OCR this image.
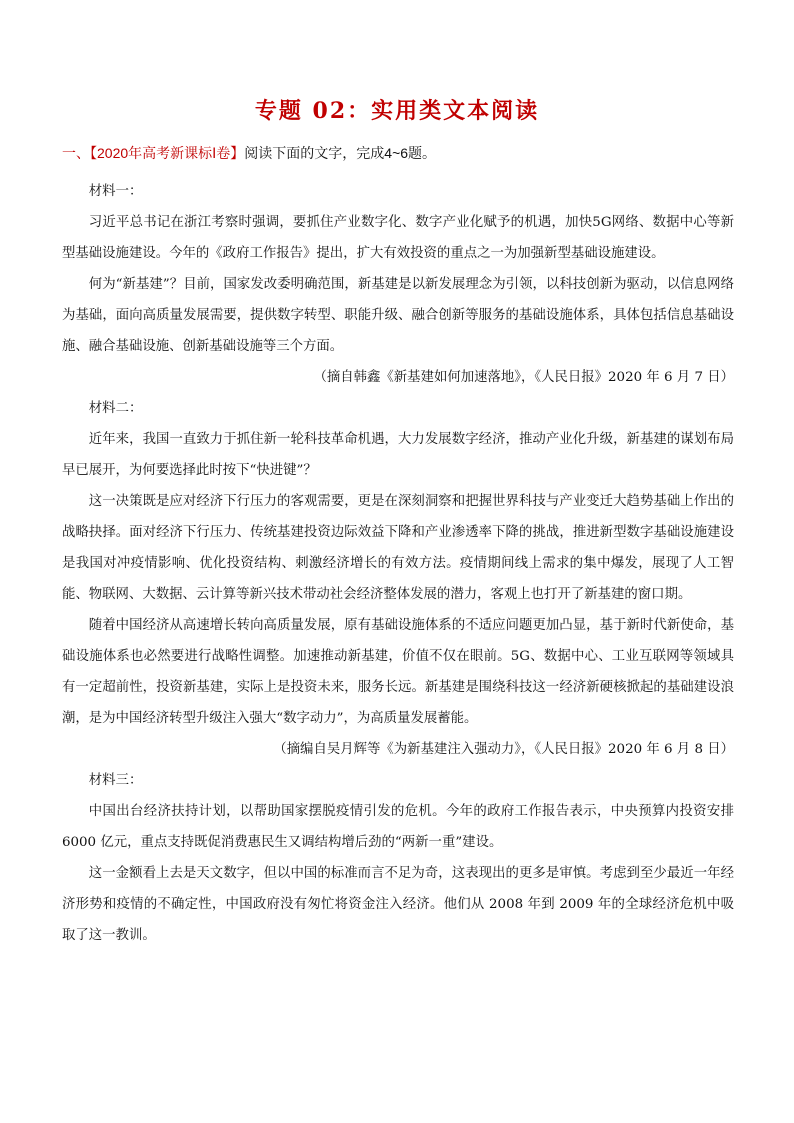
专题 02：实用类文本阅读
一、【2020年高考新课标Ⅰ卷】阅读下面的文字，完成4~6题。

材料一：

习近平总书记在浙江考察时强调，要抓住产业数字化、数字产业化赋予的机遇，加快5G网络、数据中心等新型基础设施建设。今年的《政府工作报告》提出，扩大有效投资的重点之一为加强新型基础设施建设。

何为“新基建”？目前，国家发改委明确范围，新基建是以新发展理念为引领，以科技创新为驱动，以信息网络为基础，面向高质量发展需要，提供数字转型、职能升级、融合创新等服务的基础设施体系，具体包括信息基础设施、融合基础设施、创新基础设施等三个方面。

（摘自韩鑫《新基建如何加速落地》，《人民日报》2020 年 6 月 7 日）

材料二：

近年来，我国一直致力于抓住新一轮科技革命机遇，大力发展数字经济，推动产业化升级，新基建的谋划布局早已展开，为何要选择此时按下“快进键”？

这一决策既是应对经济下行压力的客观需要，更是在深刻洞察和把握世界科技与产业变迁大趋势基础上作出的战略抉择。面对经济下行压力、传统基建投资边际效益下降和产业渗透率下降的挑战，推进新型数字基础设施建设是我国对冲疫情影响、优化投资结构、刺激经济增长的有效方法。疫情期间线上需求的集中爆发，展现了人工智能、物联网、大数据、云计算等新兴技术带动社会经济整体发展的潜力，客观上也打开了新基建的窗口期。

随着中国经济从高速增长转向高质量发展，原有基础设施体系的不适应问题更加凸显，基于新时代新使命，基础设施体系也必然要进行战略性调整。加速推动新基建，价值不仅在眼前。5G、数据中心、工业互联网等领域具有一定超前性，投资新基建，实际上是投资未来，服务长远。新基建是围绕科技这一经济新硬核掀起的基础建设浪潮，是为中国经济转型升级注入强大“数字动力”，为高质量发展蓄能。

（摘编自吴月辉等《为新基建注入强动力》，《人民日报》2020 年 6 月 8 日）

材料三：

中国出台经济扶持计划，以帮助国家摆脱疫情引发的危机。今年的政府工作报告表示，中央预算内投资安排6000 亿元，重点支持既促消费惠民生又调结构增后劲的“两新一重”建设。

这一金额看上去是天文数字，但以中国的标准而言不足为奇，这表现出的更多是审慎。考虑到至少最近一年经济形势和疫情的不确定性，中国政府没有匆忙将资金注入经济。他们从 2008 年到 2009 年的全球经济危机中吸取了这一教训。
